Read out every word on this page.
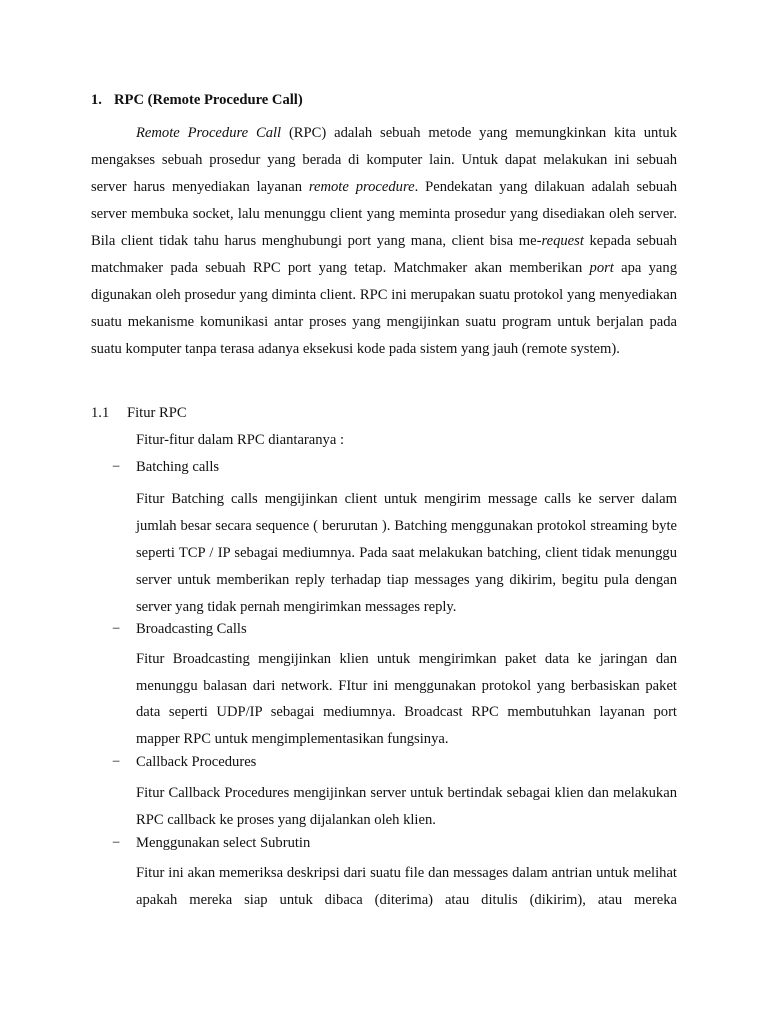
1. RPC (Remote Procedure Call)

Remote Procedure Call (RPC) adalah sebuah metode yang memungkinkan kita untuk mengakses sebuah prosedur yang berada di komputer lain. Untuk dapat melakukan ini sebuah server harus menyediakan layanan remote procedure. Pendekatan yang dilakuan adalah sebuah server membuka socket, lalu menunggu client yang meminta prosedur yang disediakan oleh server. Bila client tidak tahu harus menghubungi port yang mana, client bisa me-request kepada sebuah matchmaker pada sebuah RPC port yang tetap. Matchmaker akan memberikan port apa yang digunakan oleh prosedur yang diminta client. RPC ini merupakan suatu protokol yang menyediakan suatu mekanisme komunikasi antar proses yang mengijinkan suatu program untuk berjalan pada suatu komputer tanpa terasa adanya eksekusi kode pada sistem yang jauh (remote system).

1.1 Fitur RPC
Fitur-fitur dalam RPC diantaranya :
− Batching calls

Fitur Batching calls mengijinkan client untuk mengirim message calls ke server dalam jumlah besar secara sequence ( berurutan ). Batching menggunakan protokol streaming byte seperti TCP / IP sebagai mediumnya. Pada saat melakukan batching, client tidak menunggu server untuk memberikan reply terhadap tiap messages yang dikirim, begitu pula dengan server yang tidak pernah mengirimkan messages reply.

− Broadcasting Calls

Fitur Broadcasting mengijinkan klien untuk mengirimkan paket data ke jaringan dan menunggu balasan dari network. FItur ini menggunakan protokol yang berbasiskan paket data seperti UDP/IP sebagai mediumnya. Broadcast RPC membutuhkan layanan port mapper RPC untuk mengimplementasikan fungsinya.

− Callback Procedures

Fitur Callback Procedures mengijinkan server untuk bertindak sebagai klien dan melakukan RPC callback ke proses yang dijalankan oleh klien.

− Menggunakan select Subrutin

Fitur ini akan memeriksa deskripsi dari suatu file dan messages dalam antrian untuk melihat apakah mereka siap untuk dibaca (diterima) atau ditulis (dikirim), atau mereka
